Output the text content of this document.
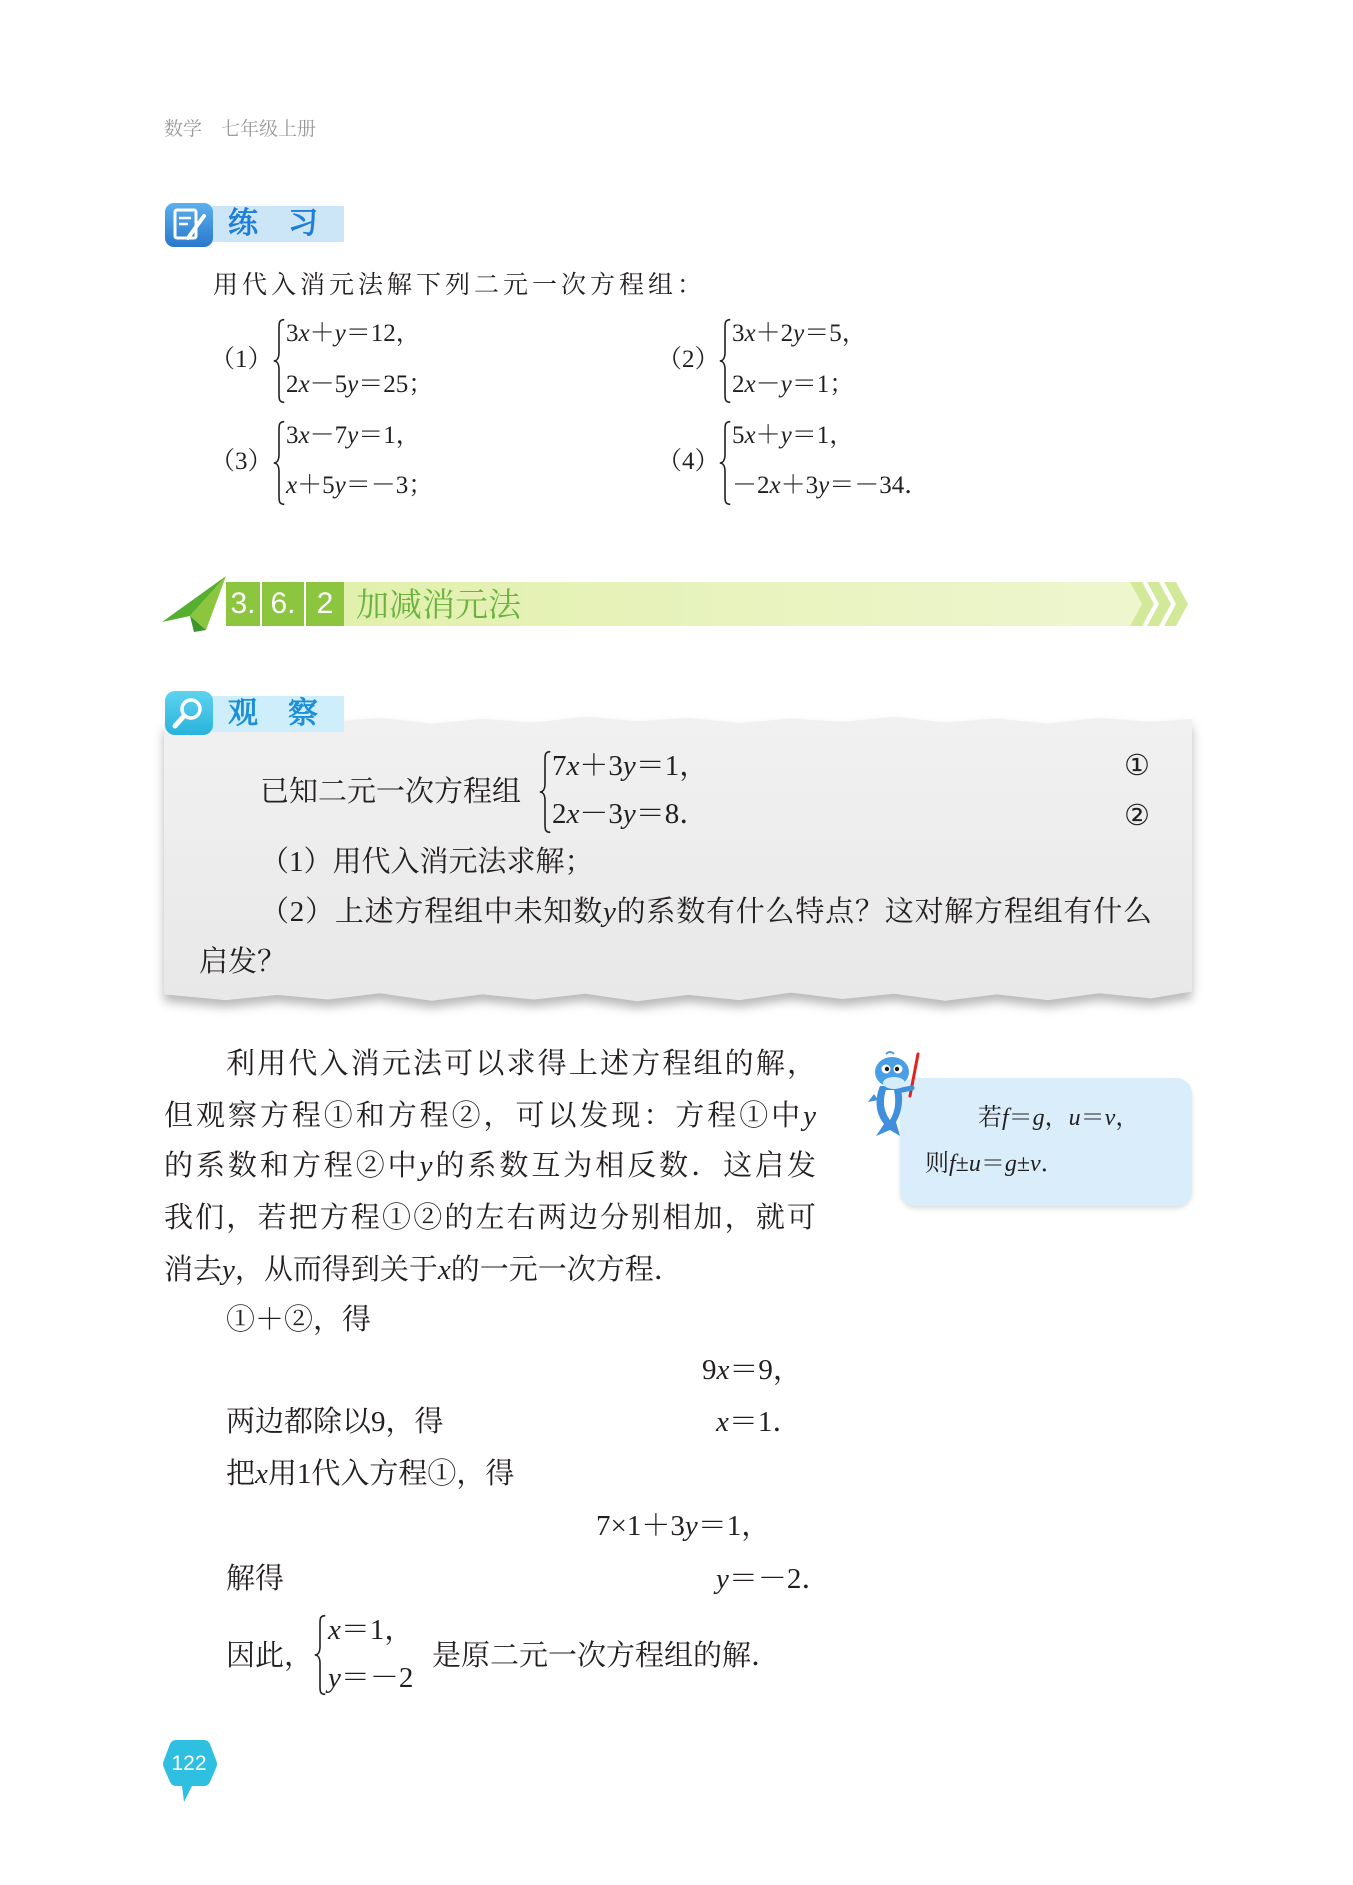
数学　七年级上册
练　习
用代入消元法解下列二元一次方程组：
（1）
3x＋y＝12，
2x－5y＝25；
（2）
3x＋2y＝5，
2x－y＝1；
（3）
3x－7y＝1，
x＋5y＝－3；
（4）
5x＋y＝1，
－2x＋3y＝－34．
加减消元法
3. 6. 2
观　察
已知二元一次方程组
7x＋3y＝1，
2x－3y＝8．
①
②
（1）用代入消元法求解；
（2）上述方程组中未知数y的系数有什么特点？这对解方程组有什么
启发？
利用代入消元法可以求得上述方程组的解，
但观察方程①和方程②，可以发现：方程①中y
的系数和方程②中y的系数互为相反数．这启发
我们，若把方程①②的左右两边分别相加，就可
消去y，从而得到关于x的一元一次方程．
①＋②，得
9x＝9，
两边都除以9，得	x＝1．
把x用1代入方程①，得
7×1＋3y＝1，
解得	y＝－2．
因此，
x＝1，
y＝－2
是原二元一次方程组的解．
若f＝g，u＝v，
则f±u＝g±v．
122
